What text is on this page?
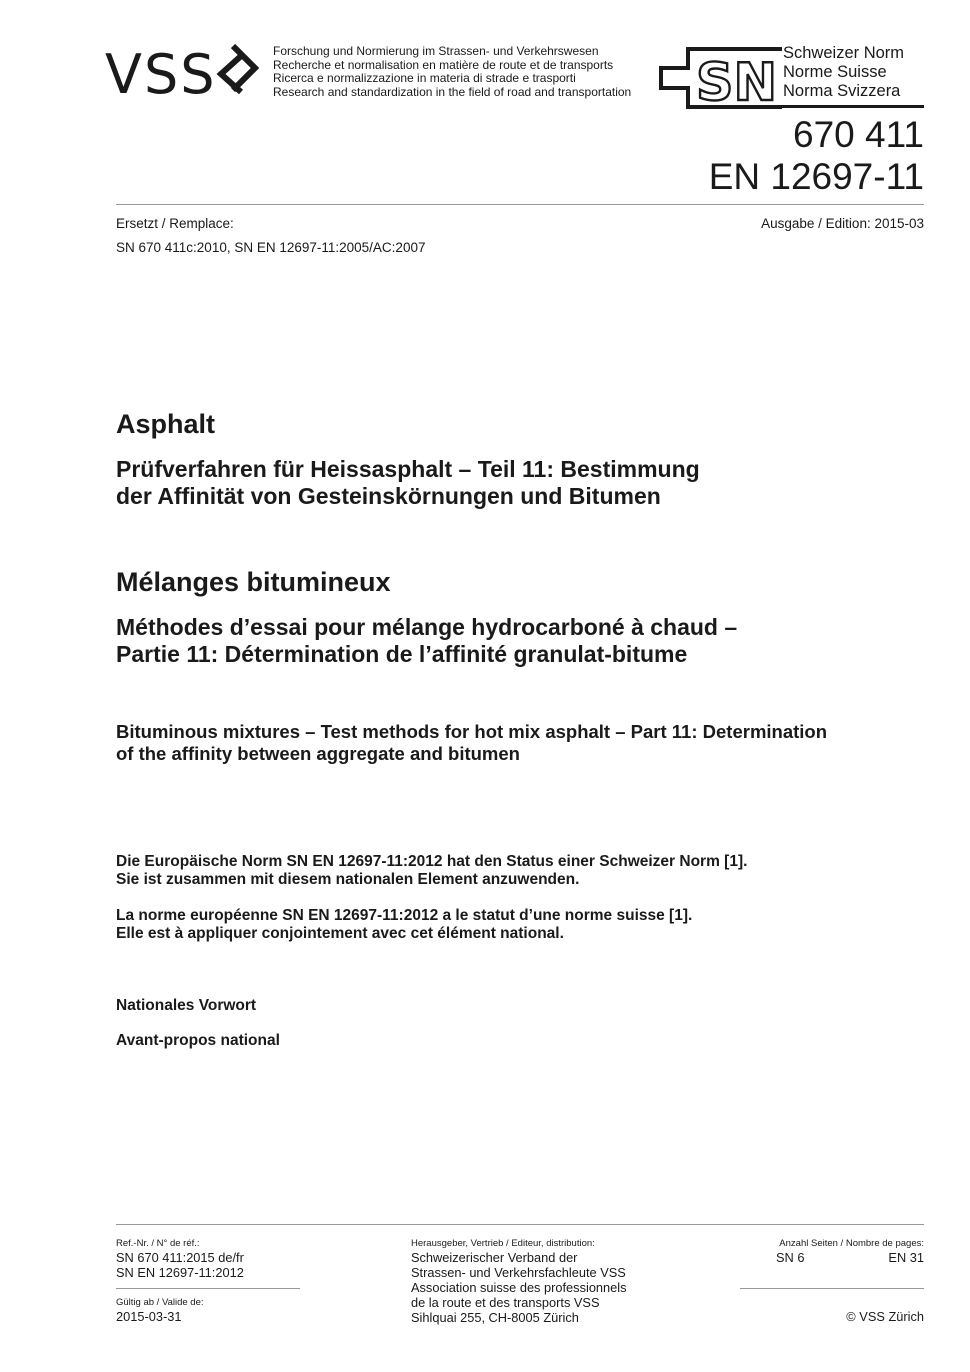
VSS	Forschung und Normierung im Strassen- und Verkehrswesen
Recherche et normalisation en matière de route et de transports
Ricerca e normalizzazione in materia di strade e trasporti
Research and standardization in the field of road and transportation SN Schweizer Norm
Norme Suisse
Norma Svizzera
670 411
EN 12697-11
Ersetzt / Remplace:	Ausgabe / Edition: 2015-03
SN 670 411c:2010, SN EN 12697-11:2005/AC:2007
Asphalt
Prüfverfahren für Heissasphalt – Teil 11: Bestimmung
der Affinität von Gesteinskörnungen und Bitumen
Mélanges bitumineux
Méthodes d’essai pour mélange hydrocarboné à chaud –
Partie 11: Détermination de l’affinité granulat-bitume
Bituminous mixtures – Test methods for hot mix asphalt – Part 11: Determination
of the affinity between aggregate and bitumen
Die Europäische Norm SN EN 12697-11:2012 hat den Status einer Schweizer Norm [1].
Sie ist zusammen mit diesem nationalen Element anzuwenden.
La norme européenne SN EN 12697-11:2012 a le statut d’une norme suisse [1].
Elle est à appliquer conjointement avec cet élément national.
Nationales Vorwort
Avant-propos national
Ref.-Nr. / N° de réf.:
SN 670 411:2015 de/fr
SN EN 12697-11:2012
Gültig ab / Valide de:
2015-03-31
Herausgeber, Vertrieb / Editeur, distribution:
Schweizerischer Verband der
Strassen- und Verkehrsfachleute VSS
Association suisse des professionnels
de la route et des transports VSS
Sihlquai 255, CH-8005 Zürich
Anzahl Seiten / Nombre de pages:
SN 6	EN 31
© VSS Zürich
